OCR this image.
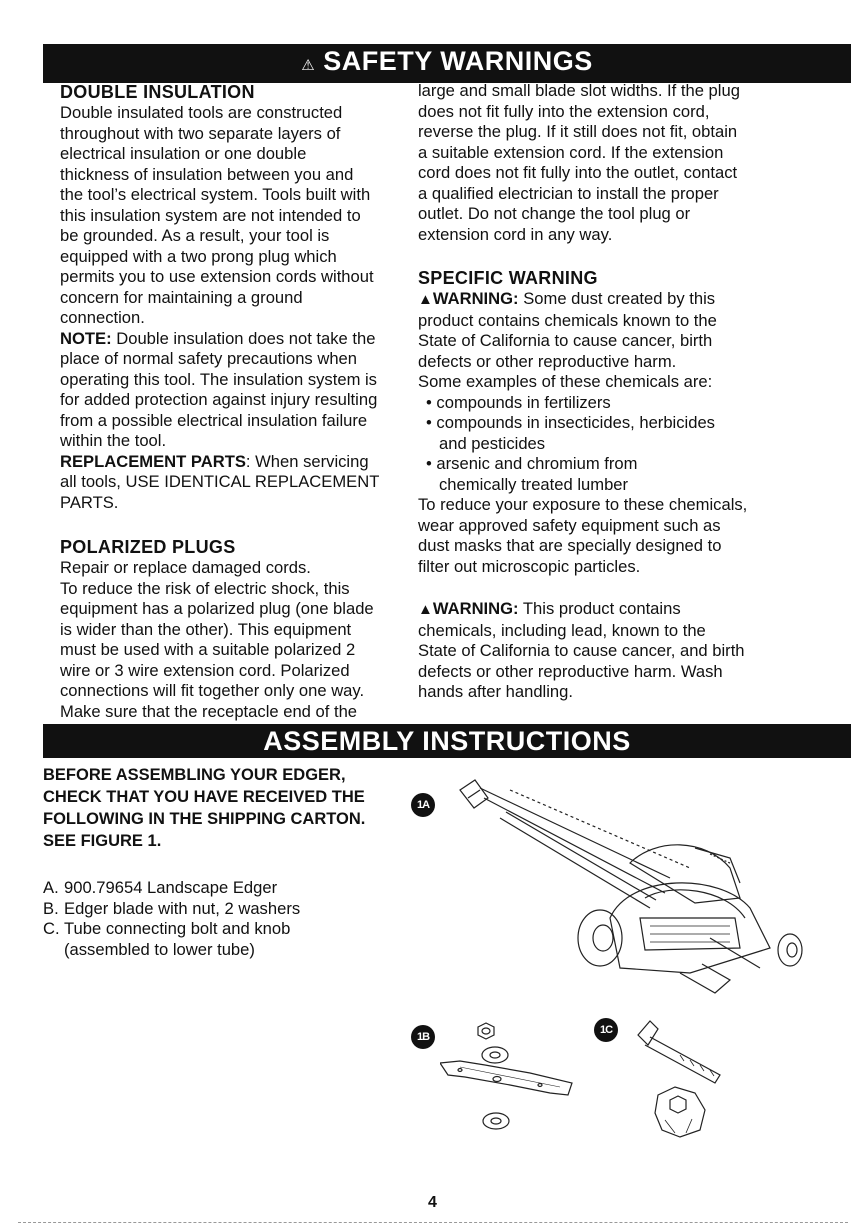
⚠ SAFETY WARNINGS
DOUBLE INSULATION

Double insulated tools are constructed throughout with two separate layers of electrical insulation or one double thickness of insulation between you and the tool’s electrical system. Tools built with this insulation system are not intended to be grounded. As a result, your tool is equipped with a two prong plug which permits you to use extension cords without concern for maintaining a ground connection.

NOTE: Double insulation does not take the place of normal safety precautions when operating this tool. The insulation system is for added protection against injury resulting from a possible electrical insulation failure within the tool.

REPLACEMENT PARTS: When servicing all tools, USE IDENTICAL REPLACEMENT PARTS.

POLARIZED PLUGS

Repair or replace damaged cords.

To reduce the risk of electric shock, this equipment has a polarized plug (one blade is wider than the other). This equipment must be used with a suitable polarized 2 wire or 3 wire extension cord. Polarized connections will fit together only one way. Make sure that the receptacle end of the

large and small blade slot widths. If the plug does not fit fully into the extension cord, reverse the plug. If it still does not fit, obtain a suitable extension cord. If the extension cord does not fit fully into the outlet, contact a qualified electrician to install the proper outlet. Do not change the tool plug or extension cord in any way.

SPECIFIC WARNING

▲WARNING: Some dust created by this product contains chemicals known to the State of California to cause cancer, birth defects or other reproductive harm.

Some examples of these chemicals are:

• compounds in fertilizers

• compounds in insecticides, herbicides

and pesticides

• arsenic and chromium from

chemically treated lumber

To reduce your exposure to these chemicals, wear approved safety equipment such as dust masks that are specially designed to filter out microscopic particles.

▲WARNING: This product contains chemicals, including lead, known to the State of California to cause cancer, and birth defects or other reproductive harm. Wash hands after handling.

ASSEMBLY INSTRUCTIONS

BEFORE ASSEMBLING YOUR EDGER, CHECK THAT YOU HAVE RECEIVED THE FOLLOWING IN THE SHIPPING CARTON. SEE FIGURE 1.

A. 900.79654 Landscape Edger
B. Edger blade with nut, 2 washers
C. Tube connecting bolt and knob
(assembled to lower tube)
1A
1B
1C
4
